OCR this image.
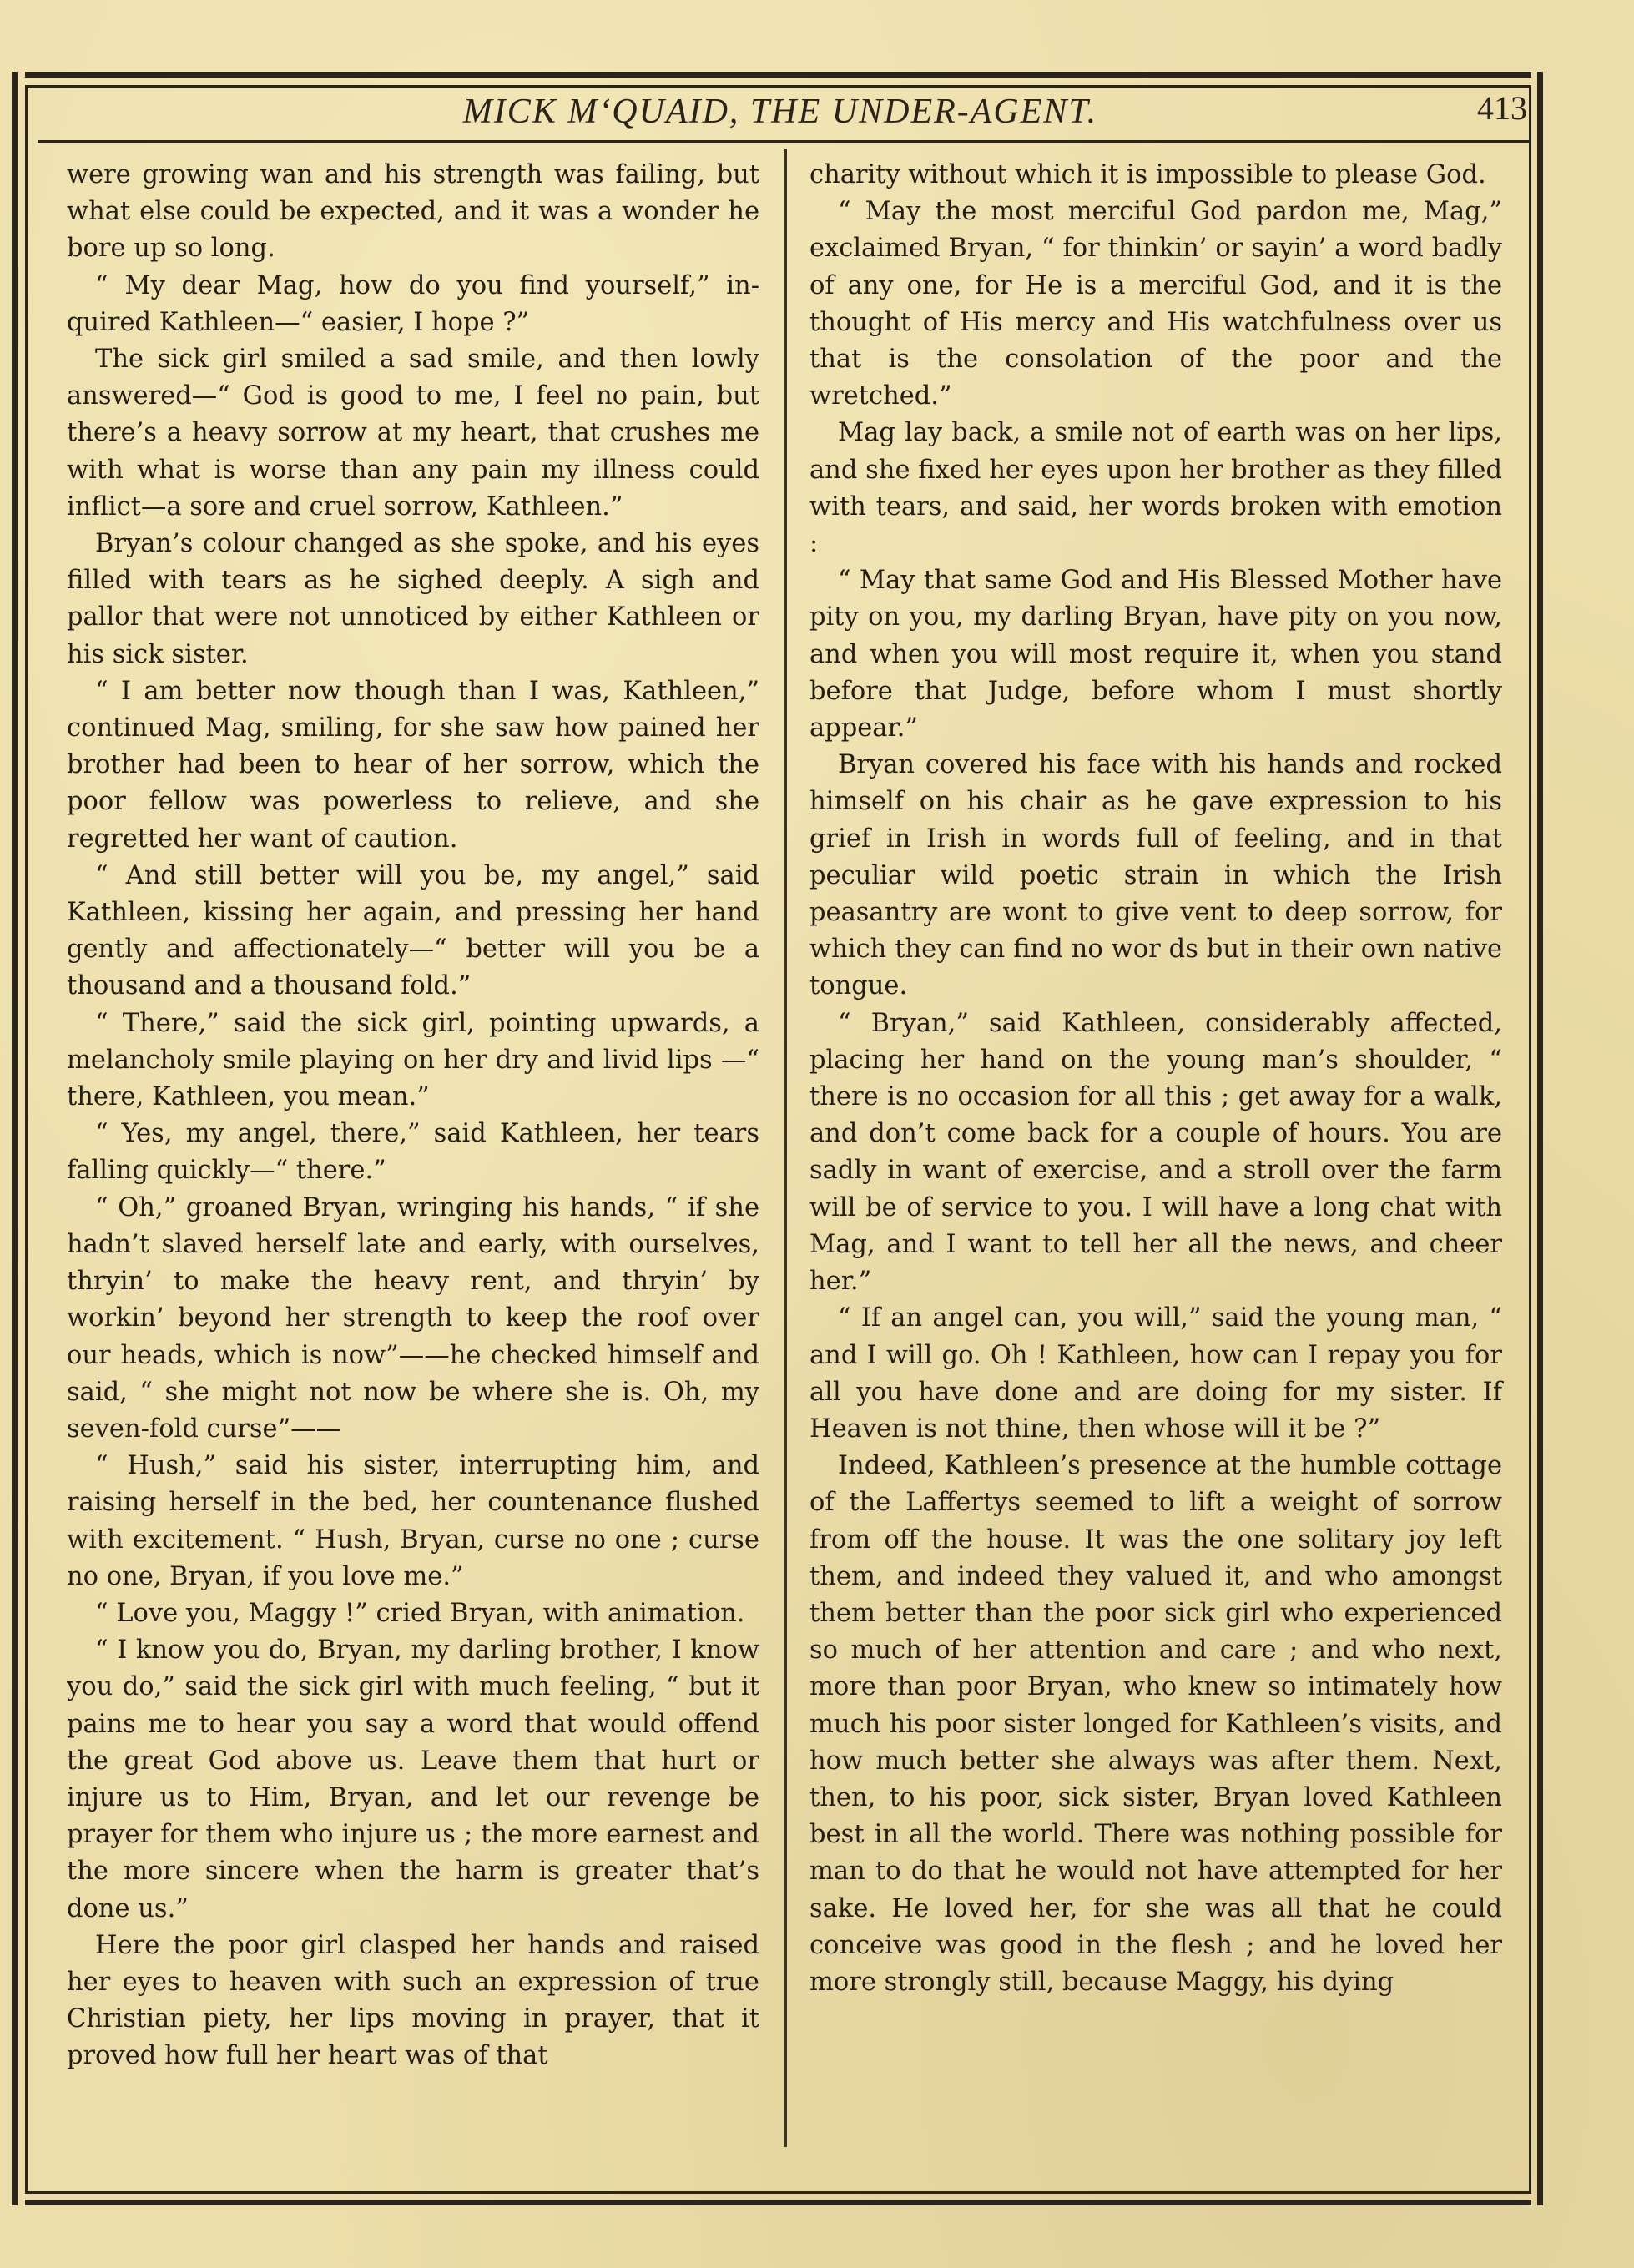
MICK M‘QUAID, THE UNDER-AGENT.	413

were growing wan and his strength was failing, but what else could be expected, and it was a wonder he bore up so long.

“ My dear Mag, how do you find yourself,” inquired Kathleen—“ easier, I hope ?”

The sick girl smiled a sad smile, and then lowly answered—“ God is good to me, I feel no pain, but there’s a heavy sorrow at my heart, that crushes me with what is worse than any pain my illness could inflict—a sore and cruel sorrow, Kathleen.”

Bryan’s colour changed as she spoke, and his eyes filled with tears as he sighed deeply. A sigh and pallor that were not unnoticed by either Kathleen or his sick sister.

“ I am better now though than I was, Kathleen,” continued Mag, smiling, for she saw how pained her brother had been to hear of her sorrow, which the poor fellow was powerless to relieve, and she regretted her want of caution.

“ And still better will you be, my angel,” said Kathleen, kissing her again, and pressing her hand gently and affectionately—“ better will you be a thousand and a thousand fold.”

“ There,” said the sick girl, pointing upwards, a melancholy smile playing on her dry and livid lips —“ there, Kathleen, you mean.”

“ Yes, my angel, there,” said Kathleen, her tears falling quickly—“ there.”

“ Oh,” groaned Bryan, wringing his hands, “ if she hadn’t slaved herself late and early, with ourselves, thryin’ to make the heavy rent, and thryin’ by workin’ beyond her strength to keep the roof over our heads, which is now”——he checked himself and said, “ she might not now be where she is. Oh, my seven-fold curse”——

“ Hush,” said his sister, interrupting him, and raising herself in the bed, her countenance flushed with excitement. “ Hush, Bryan, curse no one ; curse no one, Bryan, if you love me.”

“ Love you, Maggy !” cried Bryan, with animation.

“ I know you do, Bryan, my darling brother, I know you do,” said the sick girl with much feeling, “ but it pains me to hear you say a word that would offend the great God above us. Leave them that hurt or injure us to Him, Bryan, and let our revenge be prayer for them who injure us ; the more earnest and the more sincere when the harm is greater that’s done us.”

Here the poor girl clasped her hands and raised her eyes to heaven with such an expression of true Christian piety, her lips moving in prayer, that it proved how full her heart was of that

charity without which it is impossible to please God.

“ May the most merciful God pardon me, Mag,” exclaimed Bryan, “ for thinkin’ or sayin’ a word badly of any one, for He is a merciful God, and it is the thought of His mercy and His watchfulness over us that is the consolation of the poor and the wretched.”

Mag lay back, a smile not of earth was on her lips, and she fixed her eyes upon her brother as they filled with tears, and said, her words broken with emotion :

“ May that same God and His Blessed Mother have pity on you, my darling Bryan, have pity on you now, and when you will most require it, when you stand before that Judge, before whom I must shortly appear.”

Bryan covered his face with his hands and rocked himself on his chair as he gave expression to his grief in Irish in words full of feeling, and in that peculiar wild poetic strain in which the Irish peasantry are wont to give vent to deep sorrow, for which they can find no wor ds but in their own native tongue.

“ Bryan,” said Kathleen, considerably affected, placing her hand on the young man’s shoulder, “ there is no occasion for all this ; get away for a walk, and don’t come back for a couple of hours. You are sadly in want of exercise, and a stroll over the farm will be of service to you. I will have a long chat with Mag, and I want to tell her all the news, and cheer her.”

“ If an angel can, you will,” said the young man, “ and I will go. Oh ! Kathleen, how can I repay you for all you have done and are doing for my sister. If Heaven is not thine, then whose will it be ?”

Indeed, Kathleen’s presence at the humble cottage of the Laffertys seemed to lift a weight of sorrow from off the house. It was the one solitary joy left them, and indeed they valued it, and who amongst them better than the poor sick girl who experienced so much of her attention and care ; and who next, more than poor Bryan, who knew so intimately how much his poor sister longed for Kathleen’s visits, and how much better she always was after them. Next, then, to his poor, sick sister, Bryan loved Kathleen best in all the world. There was nothing possible for man to do that he would not have attempted for her sake. He loved her, for she was all that he could conceive was good in the flesh ; and he loved her more strongly still, because Maggy, his dying
